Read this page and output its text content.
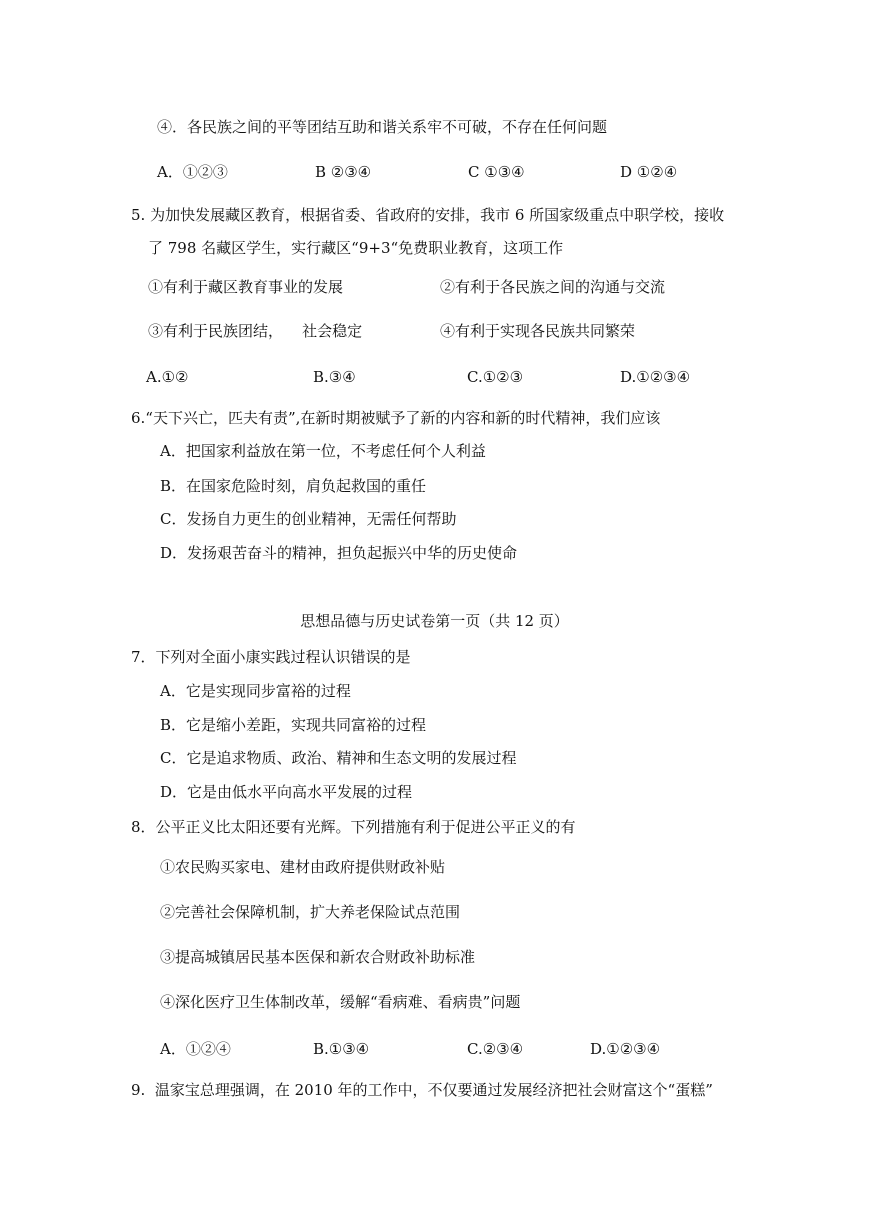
④．各民族之间的平等团结互助和谐关系牢不可破，不存在任何问题
A．①②③	B ②③④	C ①③④	D ①②④
5. 为加快发展藏区教育，根据省委、省政府的安排，我市 6 所国家级重点中职学校，接收
了 798 名藏区学生，实行藏区“9+3“免费职业教育，这项工作
①有利于藏区教育事业的发展	②有利于各民族之间的沟通与交流
③有利于民族团结，    社会稳定	④有利于实现各民族共同繁荣
A.①②	B.③④	C.①②③	D.①②③④
6.“天下兴亡，匹夫有责”,在新时期被赋予了新的内容和新的时代精神，我们应该
A．把国家利益放在第一位，不考虑任何个人利益
B．在国家危险时刻，肩负起救国的重任
C．发扬自力更生的创业精神，无需任何帮助
D．发扬艰苦奋斗的精神，担负起振兴中华的历史使命
思想品德与历史试卷第一页（共 12 页）
7．下列对全面小康实践过程认识错误的是
A．它是实现同步富裕的过程
B．它是缩小差距，实现共同富裕的过程
C．它是追求物质、政治、精神和生态文明的发展过程
D．它是由低水平向高水平发展的过程
8．公平正义比太阳还要有光辉。下列措施有利于促进公平正义的有
①农民购买家电、建材由政府提供财政补贴
②完善社会保障机制，扩大养老保险试点范围
③提高城镇居民基本医保和新农合财政补助标准
④深化医疗卫生体制改革，缓解“看病难、看病贵”问题
A．①②④	B.①③④	C.②③④	D.①②③④
9.  温家宝总理强调，在 2010 年的工作中，不仅要通过发展经济把社会财富这个“蛋糕”
